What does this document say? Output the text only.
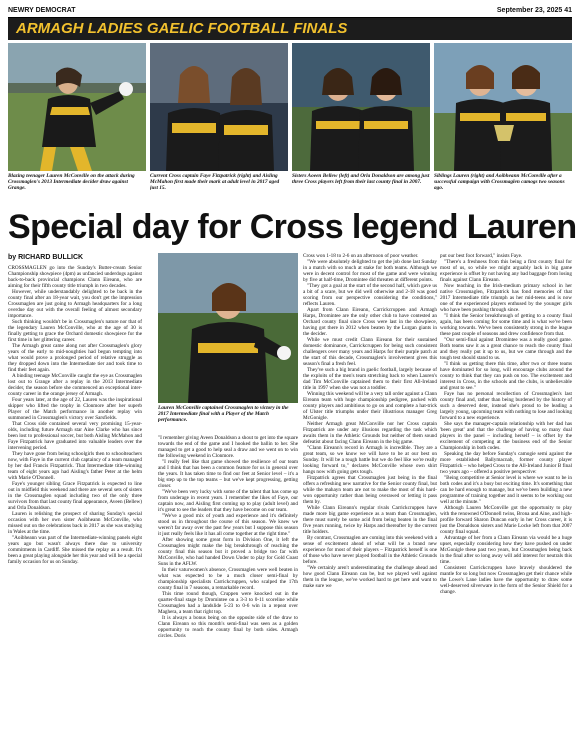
NEWRY DEMOCRAT	September 23, 2025 41
ARMAGH LADIES GAELIC FOOTBALL FINALS
Blazing teenager Lauren McConville on the attack during Crossmaglen's 2013 Intermediate decider draw against Grange.
Current Cross captain Faye Fitzpatrick (right) and Aisling McMahon first made their mark at adult level in 2017 aged just 15.
Sisters Aoeen Bellew (left) and Orla Donaldson are among just three Cross players left from their last county final in 2007.
Siblings Lauren (right) and Aoibheann McConville after a successful campaign with Crossmaglen camogs two seasons ago.
Special day for Cross legend Lauren
by RICHARD BULLICK

CROSSMAGLEN go into the Sunday's Butter-cream Senior Championship showpiece (4pm) as unfancied underdogs against back-to-back provincial champions Clann Eireann, who are aiming for their fifth county title triumph in two decades.

However, while understandably delighted to be back in the county final after an 18-year wait, you don't get the impression Crossmaglen are just going to Armagh headquarters for a long overdue day out with the overall feeling of almost secondary importance.

Such thinking wouldn't be in Crossmaglen's nature nor that of the legendary Lauren McConville, who at the age of 30 is finally getting to grace the Orchard domestic showpiece for the first time in her glittering career.

The Armagh great came along not after Crossmaglen's glory years of the early to mid-noughties had begun tempting into what would prove a prolonged period of relative struggle as they dropped down into the Intermediate tier and took time to find their feet again.

A binding teenage McConville caught the eye as Crossmaglen lost out to Grange after a replay in the 2013 Intermediate decider, the season before she commenced an exceptional inter-county career in the orange jersey of Armagh.

Four years later, at the age of 22, Lauren was the inspirational skipper who lifted the trophy in Clonmore after her superb Player of the Match performance in another replay win summoned in Crossmaglen's victory over Sarsfields.

That Cross side contained several very promising 15-year-olds, including future Armagh star Aine Clarke who has since been lost to professional soccer, but both Aisling McMahon and Faye Fitzpatrick have graduated into valuable leaders over the intervening period.

They have gone from being schoolgirls then to schoolteachers now, with Faye in the current club captaincy of a team managed by her dad Francis Fitzpatrick. That Intermediate title-winning team of eight years ago had Aisling's father Peter at the helm with Marie O'Donnell.

Faye's younger sibling Grace Fitzpatrick is expected to line out in midfield this weekend and there are several sets of sisters in the Crossmaglen squad including two of the only three survivors from that last county final appearance, Aveen (Bellew) and Orla Donaldson.

Lauren is relishing the prospect of sharing Sunday's special occasion with her own sister Aoibheann McConville, who missed out on the celebrations back in 2017 as she was studying in Wales at the time.

"Aoibheann was part of the Intermediate-winning panels eight years ago but wasn't always there due to university commitments in Cardiff. She missed the replay as a result. It's been a great playing alongside her this year and will be a special family occasion for us on Sunday.

Lauren McConville captained Crossmaglen to victory in the 2017 Intermediate final with a Player of the Match performance.

"I remember giving Aveen Donaldson a shout to get into the square towards the end of the game and I hooked the ballin to her. She managed to get a good to help seal a draw and we went on to win the following weekend in Clonmore.

"I really feel like that game showed the resilience of our team and I think that has been a common feature for us in general over the years. It has taken time to find our feet at Senior level – it's a big step up to the top teams – but we've kept progressing, getting closer.

"We've been very lucky with some of the talent that has come up from underage in recent years. I remember the likes of Faye, our captain now, and Aisling first coming up to play (adult level) and it's great to see the leaders that they have become on our team.

"We've a good mix of youth and experience and it's definitely stood us in throughout the course of this season. We knew we weren't far away over the past few years but I suppose this season it just really feels like it has all come together at the right time."

After showing some great form in Division One, it left the Crossmaglen might make the big breakthrough of reaching the county final this season but it proved a bridge too far with McConville, who had handed Down Under to play for Gold Coast Suns in the AFLW.

In their vaturwomen's absence, Crossmaglen were well beaten in what was expected to be a much closer semi-final by championship specialists Carrickcruppen, who scalped the 17th county final in 7 seasons, a remarkable record.

This time round though, Cruppen were knocked out in the quarter-final stage by Dromintee on a 3-3 to 0-11 scoreline while Crossmaglen had a landslide 5-23 to 0-6 win in a repeat over Maghera, a team that right top.

It is always a bonus being on the opposite side of the draw to Clann Eireann so this month's semi-final was seen as a golden opportunity to reach the county final by both sides. Armagh circles. Doris

Cross won 1-18 to 2-6 on an afternoon of poor weather.

"We were absolutely delighted to get the job done last Sunday in a match with so much at stake for both teams. Although we were in decent control for most of the game and were winning by five at half-time, Dromintee did threaten at different points.

"They got a goal at the start of the second half, which gave us a bit of a scare, but we did well otherwise and 2-18 was good scoring from our perspective considering the conditions," reflects Lauren.

Apart from Clann Eireann, Carrickcruppen and Armagh Harps, Dromintee are the only other club to have contested an Orchard county final since Cross were last in the showpiece, having got there in 2012 when beaten by the Lurgan giants in the decider.

While we must credit Clann Eireann for their sustained domestic dominance, Carrickcruppen for being such consistent challengers over many years and Harps for their purple patch at the start of this decade, Crossmaglen's involvement gives this season's final a fresh feel.

They've such a big brand in gaelic football, largely because of the exploits of the men's team stretching back to when Lauren's dad Tim McConville captained them to their first All-Ireland title in 1997 when she was not a toddler.

Winning this weekend will be a very tall order against a Clann Eireann team with huge championship pedigree, packed with county players and ambitious to go on and complete a hat-trick of Ulster title triumphs under their illustrious manager Greg McGonigle.

Neither Armagh great McConville nor her Cross captain Fitzpatrick are under any illusions regarding the task which awaits them in the Athletic Grounds but neither of them sound defeatist about facing Clann Eireann in the big game.

"Clann Eireann's record in Armagh is incredible. They are a great team, so we know we will have to be at our best on Sunday. It will be a tough battle but we do feel like we're really looking forward to," declares McConville whose own shirt hangs now with going gets tough.

Fitzpatrick agrees that Crossmaglen just being in the final offers a refreshing new narrative for the Senior county final, but while the mahayn team are not to make the most of this hard-won opportunity rather than being overawed or letting it pass them by.

While Clann Eireann's regular rivals Carrickcruppen have made more big game experience as a team than Crossmaglen, there must surely be some acid from being beaten in the final five years running, twice by Harps and thereafter by the current title holders.

By contrast, Crossmaglen are coming into this weekend with a sense of excitement ahead of what will be a brand new experience for most of their players – Fitzpatrick herself is one of those who have never played football in the Athletic Grounds before.

"We certainly aren't underestimating the challenge ahead and how good Clann Eireann can be, but we played well against them in the league, we've worked hard to get here and want to make sure we

put our best foot forward," insists Faye.

"There's a freshness from this being a first county final for most of us, so while we might arguably lack in big game experience is offset by not having any bad baggage from losing finals against Clann Eireann.

Now teaching in the Irish-medium primary school in her native Crossmaglen, Fitzpatrick has fond memories of that 2017 Intermediate title triumph as her mid-teens and is now one of the experienced players enthused by the younger girls who have been pushing through since.

"I think the Senior breakthrough of getting to a county final again, has been coming for some time and is what we've been working towards. We've been consistently strong in the league these past couple of seasons and drew confidence from that.

"Our semi-final against Dromintee was a really good game. Both teams saw it as a great chance to reach the county final and they really put it up to us, but we came through and the tough test should stand to us.

"I think us getting there this time, after two or three teams have dominated for so long, will encourage clubs around the county to think that they can push on too. The excitement and interest in Cross, in the schools and the clubs, is unbelievable and great to see."

Faye has no personal recollection of Crossmaglen's last county final and, rather than being burdened by the history of such a deserved dent, instead she's proud to be leading a largely young, upcoming team with nothing to lose and looking forward to a new experience.

She says the manager-captain relationship with her dad has 'been great' and that the challenge of having so many dual players in the panel – including herself – is offset by the excitement of competing at the business end of the Senior Championship in both codes.

Speaking the day before Sunday's camogie semi against the more established Ballymacnab, former county player Fitzpatrick – who helped Cross to the All-Ireland Junior B final two years ago – offered a positive perspective:

"Being competitive at Senior level is where we want to be in both codes and it's a busy but exciting time. It's something that can be hard enough to manage, but we've been building a new programme of training together and it seems to be working out well at the minute."

Although Lauren McConville got the opportunity to play with the renowned O'Donnell twins, Brona and Aine, and high-profile forward Sharon Duncan early in her Cross career, it is just the Donaldson sisters and Marie Locke left from that 2007 county final squad.

Advantage of her from a Clann Eireann via would be a huge upset, especially considering how they have pushed on under McGonigle these past two years, but Crossmaglen being back in the final after so long away will add interest for neutrals this time.

Consistent Carrickcruppen have bravely shouldered the mantle for so long but now Crossmaglen get their chance while the Lowe's Lane ladies have the opportunity to draw some well-deserved silverware in the form of the Senior Shield for a change.
